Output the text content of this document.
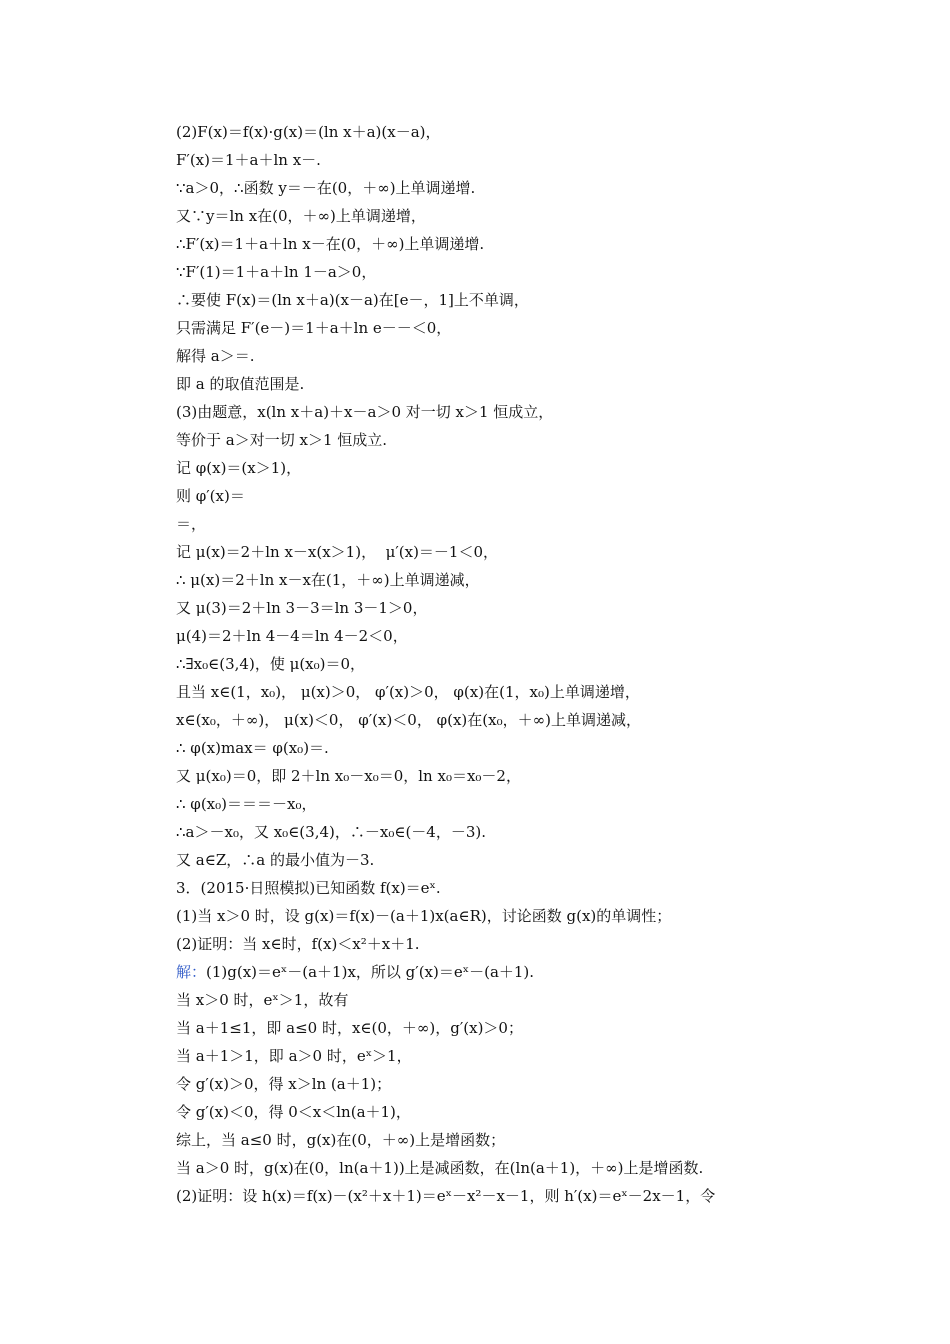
(2)F(x)＝f(x)·g(x)＝(ln x＋a)(x－a)，
F′(x)＝1＋a＋ln x－.
∵a＞0，∴函数 y＝－在(0，＋∞)上单调递增.
又∵y＝ln x在(0，＋∞)上单调递增，
∴F′(x)＝1＋a＋ln x－在(0，＋∞)上单调递增.
∵F′(1)＝1＋a＋ln 1－a＞0，
∴要使 F(x)＝(ln x＋a)(x－a)在[e－，1]上不单调，
只需满足 F′(e－)＝1＋a＋ln e－－＜0，
解得 a＞＝.
即 a 的取值范围是.
(3)由题意，x(ln x＋a)＋x－a＞0 对一切 x＞1 恒成立，
等价于 a＞对一切 x＞1 恒成立.
记 φ(x)＝(x＞1)，
则 φ′(x)＝
＝，
记 μ(x)＝2＋ln x－x(x＞1)，  μ′(x)＝－1＜0，
∴ μ(x)＝2＋ln x－x在(1，＋∞)上单调递减，
又 μ(3)＝2＋ln 3－3＝ln 3－1＞0，
μ(4)＝2＋ln 4－4＝ln 4－2＜0，
∴∃x₀∈(3,4)，使 μ(x₀)＝0，
且当 x∈(1，x₀)， μ(x)＞0， φ′(x)＞0， φ(x)在(1，x₀)上单调递增，
x∈(x₀，＋∞)， μ(x)＜0， φ′(x)＜0， φ(x)在(x₀，＋∞)上单调递减，
∴ φ(x)max＝ φ(x₀)＝.
又 μ(x₀)＝0，即 2＋ln x₀－x₀＝0，ln x₀＝x₀－2，
∴ φ(x₀)＝＝＝－x₀，
∴a＞－x₀，又 x₀∈(3,4)，∴－x₀∈(－4，－3).
又 a∈Z，∴a 的最小值为－3.
3．(2015·日照模拟)已知函数 f(x)＝eˣ.
(1)当 x＞0 时，设 g(x)＝f(x)－(a＋1)x(a∈R)，讨论函数 g(x)的单调性；
(2)证明：当 x∈时，f(x)＜x²＋x＋1.
解：(1)g(x)＝eˣ－(a＋1)x，所以 g′(x)＝eˣ－(a＋1).
当 x＞0 时，eˣ＞1，故有
当 a＋1≤1，即 a≤0 时，x∈(0，＋∞)，g′(x)＞0；
当 a＋1＞1，即 a＞0 时，eˣ＞1，
令 g′(x)＞0，得 x＞ln (a＋1)；
令 g′(x)＜0，得 0＜x＜ln(a＋1)，
综上，当 a≤0 时，g(x)在(0，＋∞)上是增函数；
当 a＞0 时，g(x)在(0，ln(a＋1))上是减函数，在(ln(a＋1)，＋∞)上是增函数.
(2)证明：设 h(x)＝f(x)－(x²＋x＋1)＝eˣ－x²－x－1，则 h′(x)＝eˣ－2x－1，令
